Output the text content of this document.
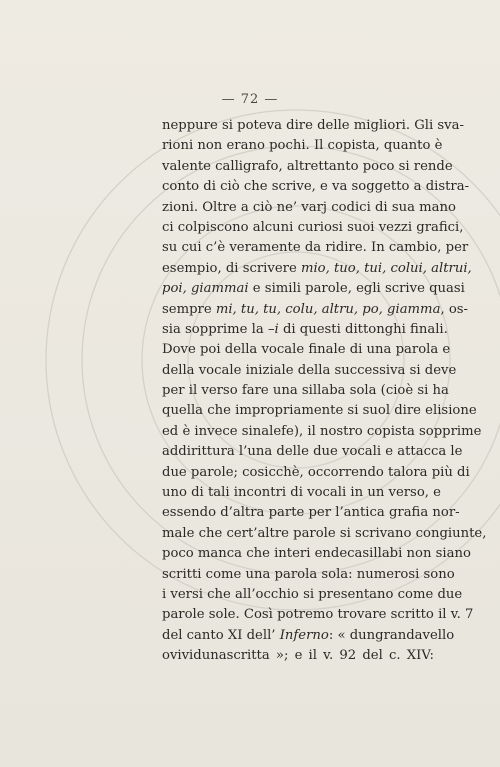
— 72 —
neppure si poteva dire delle migliori. Gli sva-
rioni non erano pochi. Il copista, quanto è
valente calligrafo, altrettanto poco si rende
conto di ciò che scrive, e va soggetto a distra-
zioni. Oltre a ciò ne’ varj codici di sua mano
ci colpiscono alcuni curiosi suoi vezzi grafici,
su cui c’è veramente da ridire. In cambio, per
esempio, di scrivere mio, tuo, tui, colui, altrui,
poi, giammai e simili parole, egli scrive quasi
sempre mi, tu, tu, colu, altru, po, giamma, os-
sia sopprime la –i di questi dittonghi finali.
Dove poi della vocale finale di una parola e
della vocale iniziale della successiva si deve
per il verso fare una sillaba sola (cioè si ha
quella che impropriamente si suol dire elisione
ed è invece sinalefe), il nostro copista sopprime
addirittura l’una delle due vocali e attacca le
due parole; cosicchè, occorrendo talora più di
uno di tali incontri di vocali in un verso, e
essendo d’altra parte per l’antica grafia nor-
male che cert’altre parole si scrivano congiunte,
poco manca che interi endecasillabi non siano
scritti come una parola sola: numerosi sono
i versi che all’occhio si presentano come due
parole sole. Così potremo trovare scritto il v. 7
del canto XI dell’ Inferno: « dungrandavello
ovividunascritta »; e il v. 92 del c. XIV:
